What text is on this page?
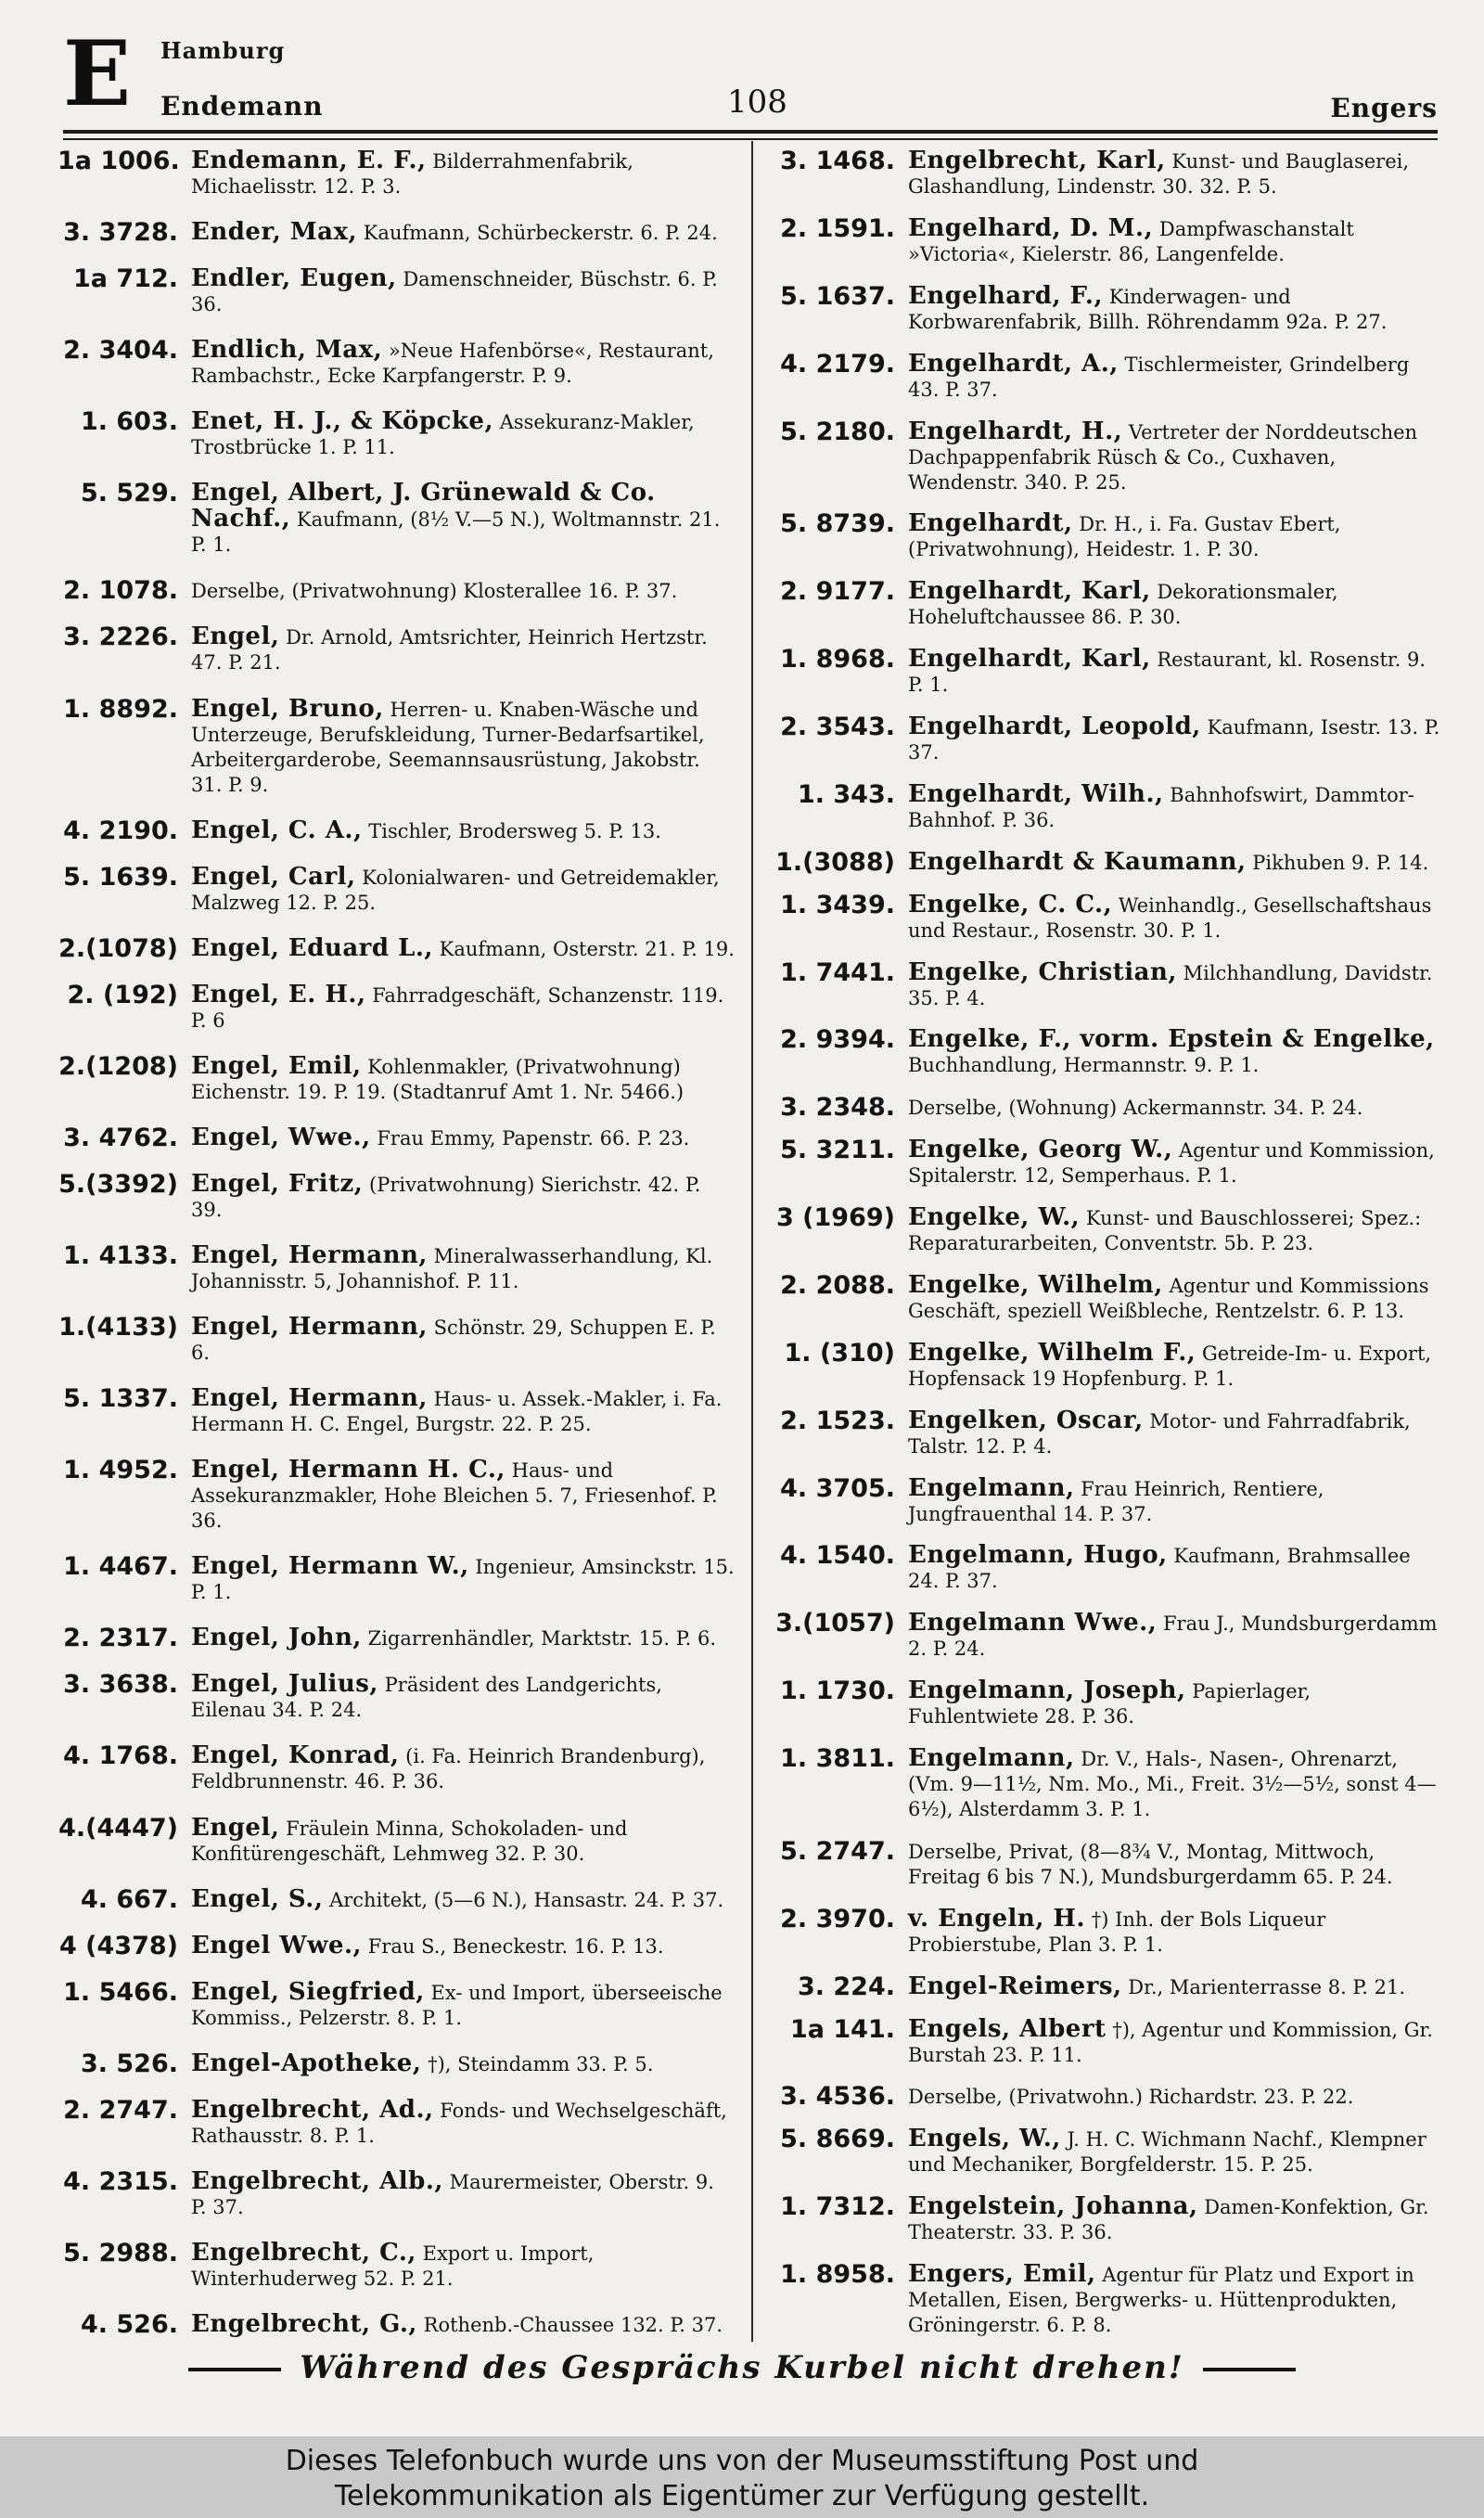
E Hamburg
Endemann	108	Engers
1a 1006. Endemann, E. F., Bilderrahmenfabrik, Michaelisstr. 12. P. 3.
3. 3728. Ender, Max, Kaufmann, Schürbeckerstr. 6. P. 24.
1a 712. Endler, Eugen, Damenschneider, Büschstr. 6. P. 36.
2. 3404. Endlich, Max, »Neue Hafenbörse«, Restaurant, Rambachstr., Ecke Karpfangerstr. P. 9.
1. 603. Enet, H. J., & Köpcke, Assekuranz-Makler, Trostbrücke 1. P. 11.
5. 529. Engel, Albert, J. Grünewald & Co. Nachf., Kaufmann, (8½ V.—5 N.), Woltmannstr. 21. P. 1.
2. 1078. Derselbe, (Privatwohnung) Klosterallee 16. P. 37.
3. 2226. Engel, Dr. Arnold, Amtsrichter, Heinrich Hertzstr. 47. P. 21.
1. 8892. Engel, Bruno, Herren- u. Knaben-Wäsche und Unterzeuge, Berufskleidung, Turner-Bedarfsartikel, Arbeitergarderobe, Seemannsausrüstung, Jakobstr. 31. P. 9.
4. 2190. Engel, C. A., Tischler, Brodersweg 5. P. 13.
5. 1639. Engel, Carl, Kolonialwaren- und Getreidemakler, Malzweg 12. P. 25.
2.(1078) Engel, Eduard L., Kaufmann, Osterstr. 21. P. 19.
2. (192) Engel, E. H., Fahrradgeschäft, Schanzenstr. 119. P. 6
2.(1208) Engel, Emil, Kohlenmakler, (Privatwohnung) Eichenstr. 19. P. 19. (Stadtanruf Amt 1. Nr. 5466.)
3. 4762. Engel, Wwe., Frau Emmy, Papenstr. 66. P. 23.
5.(3392) Engel, Fritz, (Privatwohnung) Sierichstr. 42. P. 39.
1. 4133. Engel, Hermann, Mineralwasserhandlung, Kl. Johannisstr. 5, Johannishof. P. 11.
1.(4133) Engel, Hermann, Schönstr. 29, Schuppen E. P. 6.
5. 1337. Engel, Hermann, Haus- u. Assek.-Makler, i. Fa. Hermann H. C. Engel, Burgstr. 22. P. 25.
1. 4952. Engel, Hermann H. C., Haus- und Assekuranzmakler, Hohe Bleichen 5. 7, Friesenhof. P. 36.
1. 4467. Engel, Hermann W., Ingenieur, Amsinckstr. 15. P. 1.
2. 2317. Engel, John, Zigarrenhändler, Marktstr. 15. P. 6.
3. 3638. Engel, Julius, Präsident des Landgerichts, Eilenau 34. P. 24.
4. 1768. Engel, Konrad, (i. Fa. Heinrich Brandenburg), Feldbrunnenstr. 46. P. 36.
4.(4447) Engel, Fräulein Minna, Schokoladen- und Konfitürengeschäft, Lehmweg 32. P. 30.
4. 667. Engel, S., Architekt, (5—6 N.), Hansastr. 24. P. 37.
4 (4378) Engel Wwe., Frau S., Beneckestr. 16. P. 13.
1. 5466. Engel, Siegfried, Ex- und Import, überseeische Kommiss., Pelzerstr. 8. P. 1.
3. 526. Engel-Apotheke, †), Steindamm 33. P. 5.
2. 2747. Engelbrecht, Ad., Fonds- und Wechselgeschäft, Rathausstr. 8. P. 1.
4. 2315. Engelbrecht, Alb., Maurermeister, Oberstr. 9. P. 37.
5. 2988. Engelbrecht, C., Export u. Import, Winterhuderweg 52. P. 21.
4. 526. Engelbrecht, G., Rothenb.-Chaussee 132. P. 37.
3. 1468. Engelbrecht, Karl, Kunst- und Bauglaserei, Glashandlung, Lindenstr. 30. 32. P. 5.
2. 1591. Engelhard, D. M., Dampfwaschanstalt »Victoria«, Kielerstr. 86, Langenfelde.
5. 1637. Engelhard, F., Kinderwagen- und Korbwarenfabrik, Billh. Röhrendamm 92a. P. 27.
4. 2179. Engelhardt, A., Tischlermeister, Grindelberg 43. P. 37.
5. 2180. Engelhardt, H., Vertreter der Norddeutschen Dachpappenfabrik Rüsch & Co., Cuxhaven, Wendenstr. 340. P. 25.
5. 8739. Engelhardt, Dr. H., i. Fa. Gustav Ebert, (Privatwohnung), Heidestr. 1. P. 30.
2. 9177. Engelhardt, Karl, Dekorationsmaler, Hoheluftchaussee 86. P. 30.
1. 8968. Engelhardt, Karl, Restaurant, kl. Rosenstr. 9. P. 1.
2. 3543. Engelhardt, Leopold, Kaufmann, Isestr. 13. P. 37.
1. 343. Engelhardt, Wilh., Bahnhofswirt, Dammtor-Bahnhof. P. 36.
1.(3088) Engelhardt & Kaumann, Pikhuben 9. P. 14.
1. 3439. Engelke, C. C., Weinhandlg., Gesellschaftshaus und Restaur., Rosenstr. 30. P. 1.
1. 7441. Engelke, Christian, Milchhandlung, Davidstr. 35. P. 4.
2. 9394. Engelke, F., vorm. Epstein & Engelke, Buchhandlung, Hermannstr. 9. P. 1.
3. 2348. Derselbe, (Wohnung) Ackermannstr. 34. P. 24.
5. 3211. Engelke, Georg W., Agentur und Kommission, Spitalerstr. 12, Semperhaus. P. 1.
3 (1969) Engelke, W., Kunst- und Bauschlosserei; Spez.: Reparaturarbeiten, Conventstr. 5b. P. 23.
2. 2088. Engelke, Wilhelm, Agentur und Kommissions Geschäft, speziell Weißbleche, Rentzelstr. 6. P. 13.
1. (310) Engelke, Wilhelm F., Getreide-Im- u. Export, Hopfensack 19 Hopfenburg. P. 1.
2. 1523. Engelken, Oscar, Motor- und Fahrradfabrik, Talstr. 12. P. 4.
4. 3705. Engelmann, Frau Heinrich, Rentiere, Jungfrauenthal 14. P. 37.
4. 1540. Engelmann, Hugo, Kaufmann, Brahmsallee 24. P. 37.
3.(1057) Engelmann Wwe., Frau J., Mundsburgerdamm 2. P. 24.
1. 1730. Engelmann, Joseph, Papierlager, Fuhlentwiete 28. P. 36.
1. 3811. Engelmann, Dr. V., Hals-, Nasen-, Ohrenarzt, (Vm. 9—11½, Nm. Mo., Mi., Freit. 3½—5½, sonst 4—6½), Alsterdamm 3. P. 1.
5. 2747. Derselbe, Privat, (8—8¾ V., Montag, Mittwoch, Freitag 6 bis 7 N.), Mundsburgerdamm 65. P. 24.
2. 3970. v. Engeln, H. †) Inh. der Bols Liqueur Probierstube, Plan 3. P. 1.
3. 224. Engel-Reimers, Dr., Marienterrasse 8. P. 21.
1a 141. Engels, Albert †), Agentur und Kommission, Gr. Burstah 23. P. 11.
3. 4536. Derselbe, (Privatwohn.) Richardstr. 23. P. 22.
5. 8669. Engels, W., J. H. C. Wichmann Nachf., Klempner und Mechaniker, Borgfelderstr. 15. P. 25.
1. 7312. Engelstein, Johanna, Damen-Konfektion, Gr. Theaterstr. 33. P. 36.
1. 8958. Engers, Emil, Agentur für Platz und Export in Metallen, Eisen, Bergwerks- u. Hüttenprodukten, Gröningerstr. 6. P. 8.
Während des Gesprächs Kurbel nicht drehen!
Dieses Telefonbuch wurde uns von der Museumsstiftung Post und
Telekommunikation als Eigentümer zur Verfügung gestellt.
